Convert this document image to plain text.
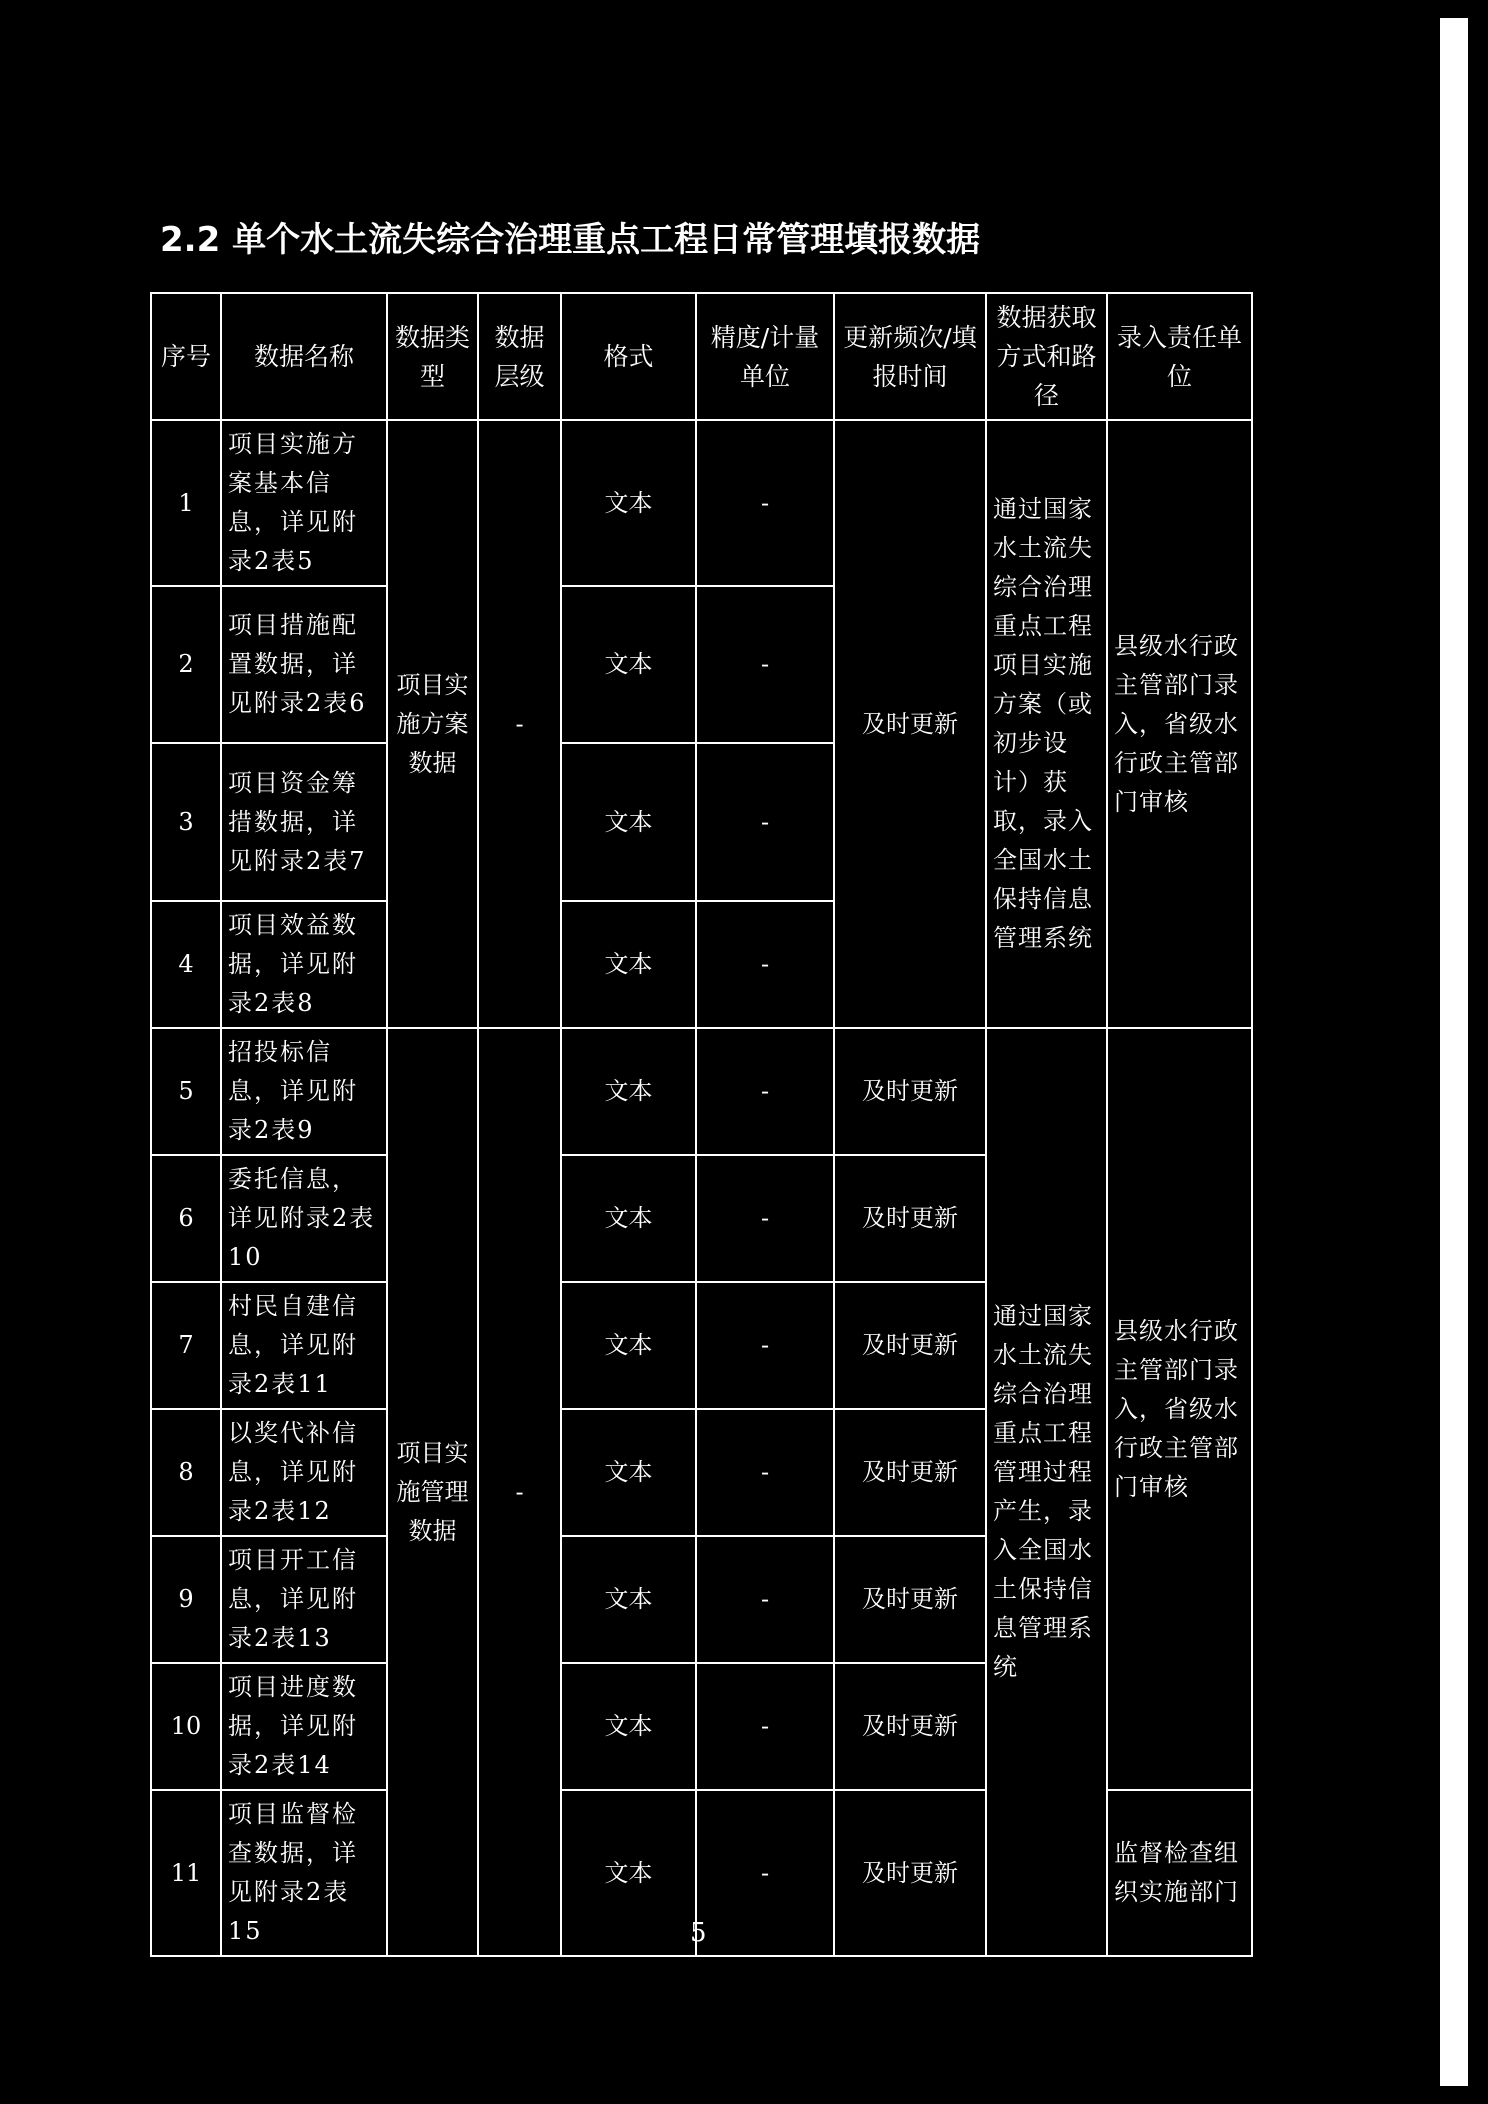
2.2 单个水土流失综合治理重点工程日常管理填报数据
序号	数据名称	数据类型	数据层级	格式	精度/计量单位	更新频次/填报时间	数据获取方式和路径	录入责任单位
1	项目实施方案基本信息，详见附录2表5	项目实施方案数据	-	文本	-	及时更新	通过国家水土流失综合治理重点工程项目实施方案（或初步设计）获取，录入全国水土保持信息管理系统	县级水行政主管部门录入，省级水行政主管部门审核
2	项目措施配置数据，详见附录2表6			文本	-			
3	项目资金筹措数据，详见附录2表7			文本	-			
4	项目效益数据，详见附录2表8			文本	-			
5	招投标信息，详见附录2表9	项目实施管理数据	-	文本	-	及时更新	通过国家水土流失综合治理重点工程管理过程产生，录入全国水土保持信息管理系统	县级水行政主管部门录入，省级水行政主管部门审核
6	委托信息，详见附录2表10			文本	-	及时更新		
7	村民自建信息，详见附录2表11			文本	-	及时更新		
8	以奖代补信息，详见附录2表12			文本	-	及时更新		
9	项目开工信息，详见附录2表13			文本	-	及时更新		
10	项目进度数据，详见附录2表14			文本	-	及时更新		
11	项目监督检查数据，详见附录2表15			文本	-	及时更新		监督检查组织实施部门
5
